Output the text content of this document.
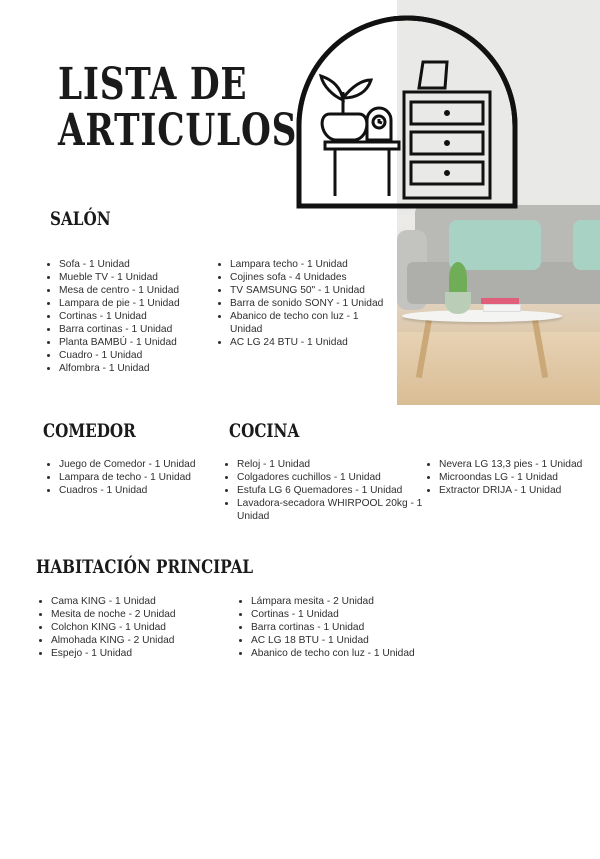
LISTA DE
ARTICULOS
SALÓN
• Sofa - 1 Unidad
• Mueble TV - 1 Unidad
• Mesa de centro - 1 Unidad
• Lampara de pie - 1 Unidad
• Cortinas - 1 Unidad
• Barra cortinas - 1 Unidad
• Planta BAMBÚ - 1 Unidad
• Cuadro - 1 Unidad
• Alfombra - 1 Unidad
• Lampara techo - 1 Unidad
• Cojines sofa - 4 Unidades
• TV SAMSUNG 50" - 1 Unidad
• Barra de sonido SONY - 1 Unidad
• Abanico de techo con luz - 1 Unidad
• AC LG 24 BTU - 1 Unidad
COMEDOR
• Juego de Comedor - 1 Unidad
• Lampara de techo - 1 Unidad
• Cuadros - 1 Unidad
COCINA
• Reloj - 1 Unidad
• Colgadores cuchillos - 1 Unidad
• Estufa LG 6 Quemadores - 1 Unidad
• Lavadora-secadora WHIRPOOL 20kg - 1 Unidad
• Nevera LG 13,3 pies - 1 Unidad
• Microondas LG - 1 Unidad
• Extractor DRIJA - 1 Unidad
HABITACIÓN PRINCIPAL
• Cama KING - 1 Unidad
• Mesita de noche - 2 Unidad
• Colchon KING - 1 Unidad
• Almohada KING - 2 Unidad
• Espejo - 1 Unidad
• Lámpara mesita - 2 Unidad
• Cortinas - 1 Unidad
• Barra cortinas - 1 Unidad
• AC LG 18 BTU - 1 Unidad
• Abanico de techo con luz - 1 Unidad
